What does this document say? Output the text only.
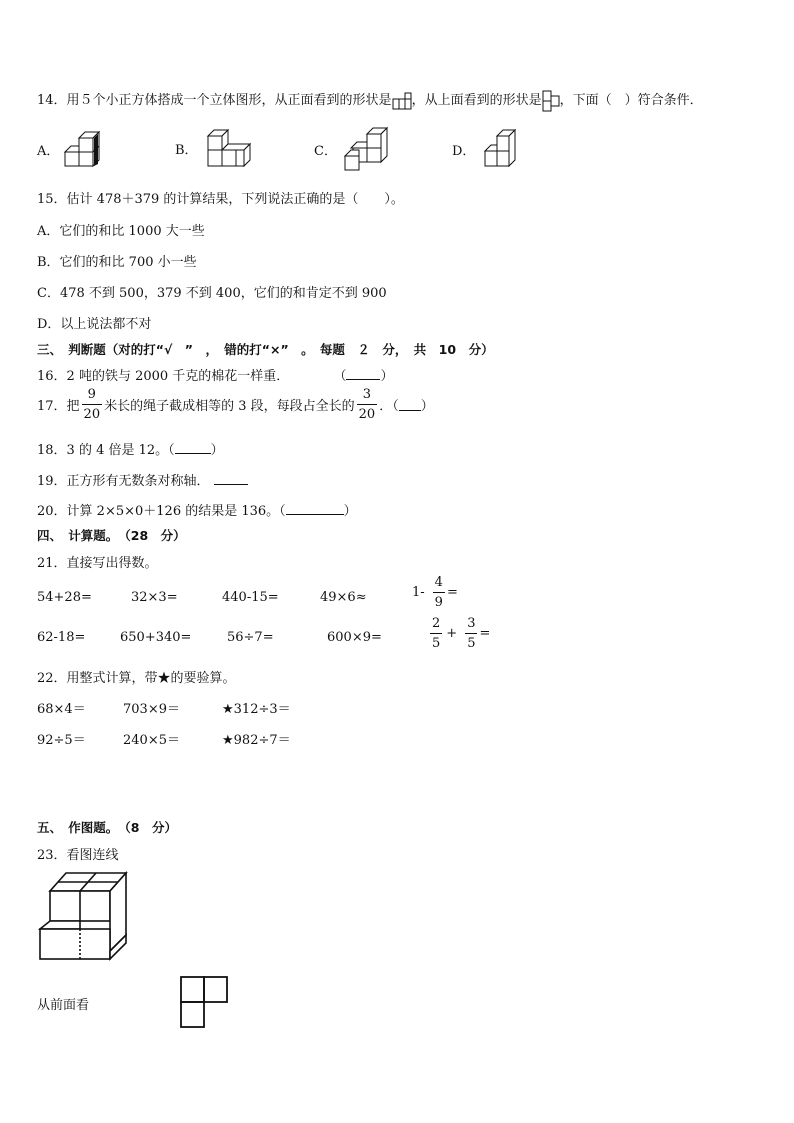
14．用５个小正方体搭成一个立体图形，从正面看到的形状是 ，从上面看到的形状是 ，下面（　）符合条件．
A．	B．	C．	D．
15．估计 478＋379 的计算结果，下列说法正确的是（　　）。
A．它们的和比 1000 大一些
B．它们的和比 700 小一些
C．478 不到 500，379 不到 400，它们的和肯定不到 900
D．以上说法都不对
三、　判断题（对的打“√　”　，　错的打“×”　。　每题　２　分，　共　10　分）
16．2 吨的铁与 2000 千克的棉花一样重．	（	）
17．把 $\frac{9}{20}$ 米长的绳子截成相等的 3 段，每段占全长的 $\frac{3}{20}$ ．（ ）
18．3 的 4 倍是 12。（	）
19．正方形有无数条对称轴．
20．计算 2×5×0＋126 的结果是 136。（	）
四、　计算题。　（28　分）
21．直接写出得数。
54+28=	32×3=	440-15=	49×6≈	$1- \frac{4}{9}$ =
62-18=	650+340=	56÷7=	600×9=	$\frac{2}{5} + \frac{3}{5}$ =
22．用整式计算，带★的要验算。
68×4＝	703×9＝	★312÷3＝
92÷5＝	240×5＝	★982÷7＝
五、　作图题。　（8　分）
23．看图连线
从前面看
